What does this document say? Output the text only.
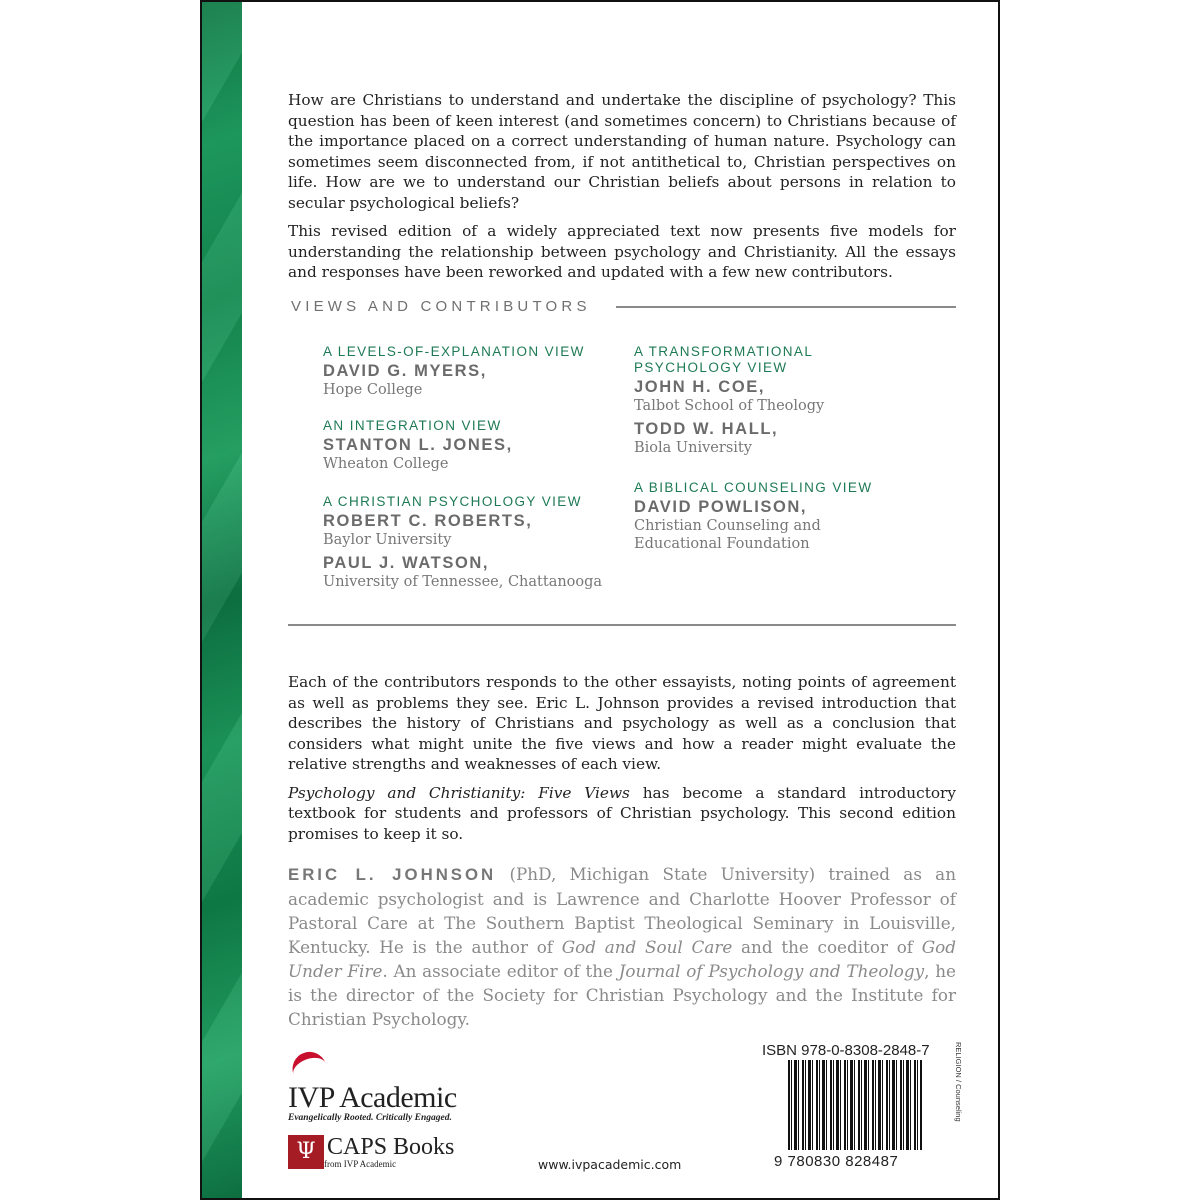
How are Christians to understand and undertake the discipline of psychology? This question has been of keen interest (and sometimes concern) to Christians because of the importance placed on a correct understanding of human nature. Psychology can sometimes seem disconnected from, if not antithetical to, Christian perspectives on life. How are we to understand our Christian beliefs about persons in relation to secular psychological beliefs?

This revised edition of a widely appreciated text now presents five models for understanding the relationship between psychology and Christianity. All the essays and responses have been reworked and updated with a few new contributors.

VIEWS AND CONTRIBUTORS
A LEVELS-OF-EXPLANATION VIEW
DAVID G. MYERS,
Hope College
AN INTEGRATION VIEW
STANTON L. JONES,
Wheaton College
A CHRISTIAN PSYCHOLOGY VIEW
ROBERT C. ROBERTS,
Baylor University
PAUL J. WATSON,
University of Tennessee, Chattanooga
A TRANSFORMATIONAL
PSYCHOLOGY VIEW
JOHN H. COE,
Talbot School of Theology
TODD W. HALL,
Biola University
A BIBLICAL COUNSELING VIEW
DAVID POWLISON,
Christian Counseling and
Educational Foundation

Each of the contributors responds to the other essayists, noting points of agreement as well as problems they see. Eric L. Johnson provides a revised introduction that describes the history of Christians and psychology as well as a conclusion that considers what might unite the five views and how a reader might evaluate the relative strengths and weaknesses of each view.

Psychology and Christianity: Five Views has become a standard introductory textbook for students and professors of Christian psychology. This second edition promises to keep it so.

ERIC L. JOHNSON (PhD, Michigan State University) trained as an academic psychologist and is Lawrence and Charlotte Hoover Professor of Pastoral Care at The Southern Baptist Theological Seminary in Louisville, Kentucky. He is the author of God and Soul Care and the coeditor of God Under Fire. An associate editor of the Journal of Psychology and Theology, he is the director of the Society for Christian Psychology and the Institute for Christian Psychology.

IVP Academic
Evangelically Rooted. Critically Engaged.
Ψ CAPS Books
from IVP Academic	www.ivpacademic.com
ISBN 978-0-8308-2848-7
9 780830 828487
RELIGION / Counseling
